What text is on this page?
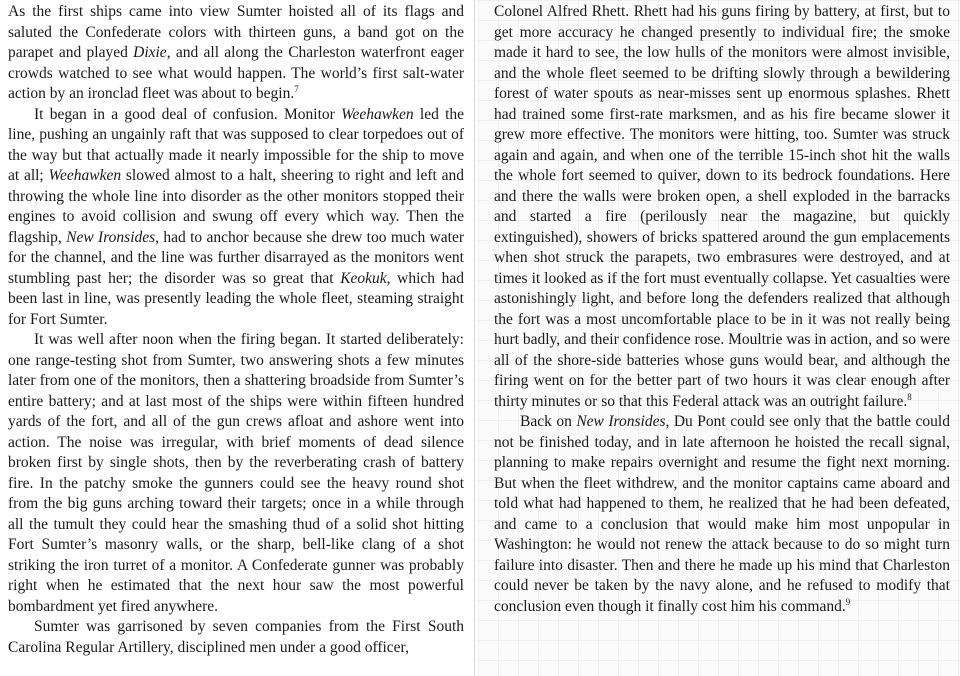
As the first ships came into view Sumter hoisted all of its flags and saluted the Confederate colors with thirteen guns, a band got on the parapet and played Dixie, and all along the Charleston waterfront eager crowds watched to see what would happen. The world’s first salt-water action by an ironclad fleet was about to begin.$^7$

It began in a good deal of confusion. Monitor Weehawken led the line, pushing an ungainly raft that was supposed to clear torpedoes out of the way but that actually made it nearly impossible for the ship to move at all; Weehawken slowed almost to a halt, sheering to right and left and throwing the whole line into disorder as the other monitors stopped their engines to avoid collision and swung off every which way. Then the flagship, New Ironsides, had to anchor because she drew too much water for the channel, and the line was further disarrayed as the monitors went stumbling past her; the disorder was so great that Keokuk, which had been last in line, was presently leading the whole fleet, steaming straight for Fort Sumter.

It was well after noon when the firing began. It started deliberately: one range-testing shot from Sumter, two answering shots a few minutes later from one of the monitors, then a shattering broadside from Sumter’s entire battery; and at last most of the ships were within fifteen hundred yards of the fort, and all of the gun crews afloat and ashore went into action. The noise was irregular, with brief moments of dead silence broken first by single shots, then by the reverberating crash of battery fire. In the patchy smoke the gunners could see the heavy round shot from the big guns arching toward their targets; once in a while through all the tumult they could hear the smashing thud of a solid shot hitting Fort Sumter’s masonry walls, or the sharp, bell-like clang of a shot striking the iron turret of a monitor. A Confederate gunner was probably right when he estimated that the next hour saw the most powerful bombardment yet fired anywhere.

Sumter was garrisoned by seven companies from the First South Carolina Regular Artillery, disciplined men under a good officer,

Colonel Alfred Rhett. Rhett had his guns firing by battery, at first, but to get more accuracy he changed presently to individual fire; the smoke made it hard to see, the low hulls of the monitors were almost invisible, and the whole fleet seemed to be drifting slowly through a bewildering forest of water spouts as near-misses sent up enormous splashes. Rhett had trained some first-rate marksmen, and as his fire became slower it grew more effective. The monitors were hitting, too. Sumter was struck again and again, and when one of the terrible 15-inch shot hit the walls the whole fort seemed to quiver, down to its bedrock foundations. Here and there the walls were broken open, a shell exploded in the barracks and started a fire (perilously near the magazine, but quickly extinguished), showers of bricks spattered around the gun emplacements when shot struck the parapets, two embrasures were destroyed, and at times it looked as if the fort must eventually collapse. Yet casualties were astonishingly light, and before long the defenders realized that although the fort was a most uncomfortable place to be in it was not really being hurt badly, and their confidence rose. Moultrie was in action, and so were all of the shore-side batteries whose guns would bear, and although the firing went on for the better part of two hours it was clear enough after thirty minutes or so that this Federal attack was an outright failure.$^8$

Back on New Ironsides, Du Pont could see only that the battle could not be finished today, and in late afternoon he hoisted the recall signal, planning to make repairs overnight and resume the fight next morning. But when the fleet withdrew, and the monitor captains came aboard and told what had happened to them, he realized that he had been defeated, and came to a conclusion that would make him most unpopular in Washington: he would not renew the attack because to do so might turn failure into disaster. Then and there he made up his mind that Charleston could never be taken by the navy alone, and he refused to modify that conclusion even though it finally cost him his command.$^9$
